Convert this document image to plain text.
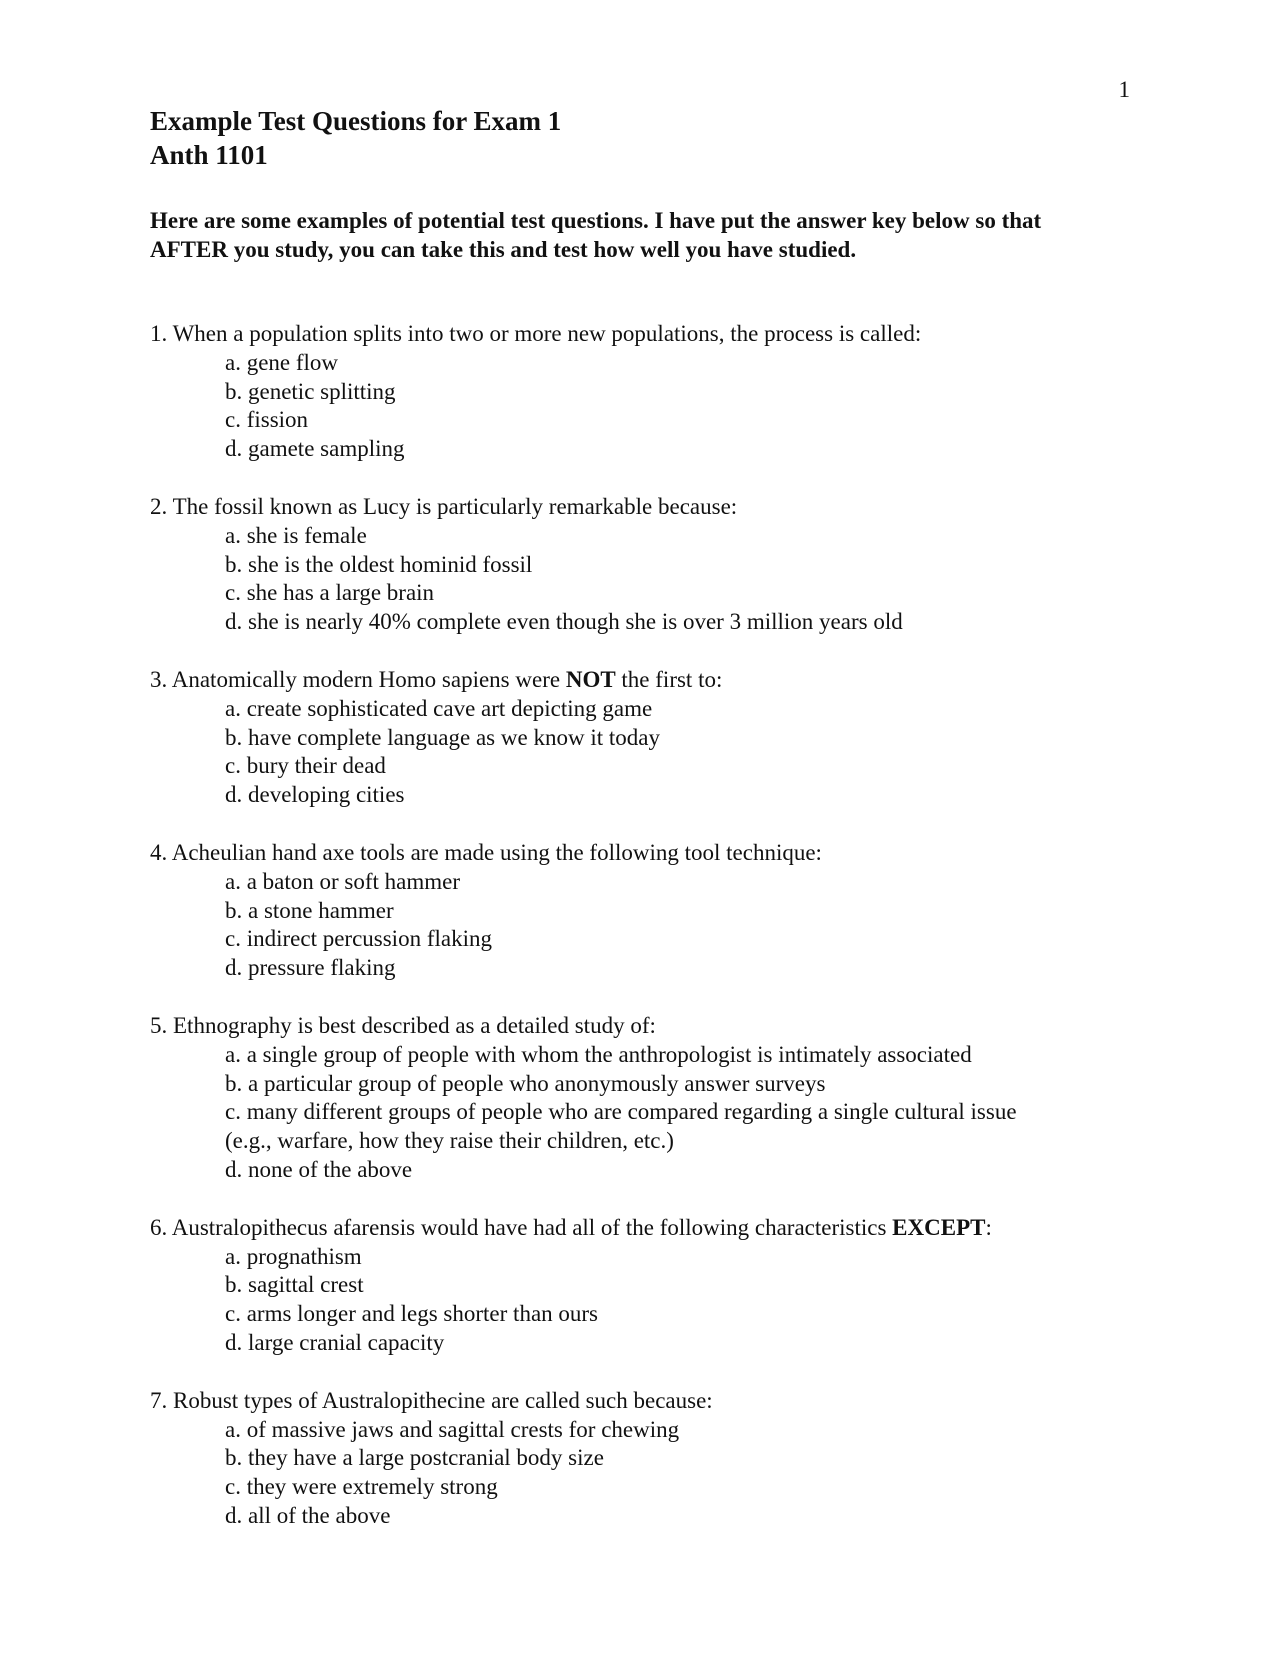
1
Example Test Questions for Exam 1
Anth 1101
Here are some examples of potential test questions. I have put the answer key below so that
AFTER you study, you can take this and test how well you have studied.

1. When a population splits into two or more new populations, the process is called:

a. gene flow
b. genetic splitting
c. fission
d. gamete sampling

2. The fossil known as Lucy is particularly remarkable because:

a. she is female
b. she is the oldest hominid fossil
c. she has a large brain
d. she is nearly 40% complete even though she is over 3 million years old

3. Anatomically modern Homo sapiens were NOT the first to:

a. create sophisticated cave art depicting game
b. have complete language as we know it today
c. bury their dead
d. developing cities

4. Acheulian hand axe tools are made using the following tool technique:

a. a baton or soft hammer
b. a stone hammer
c. indirect percussion flaking
d. pressure flaking

5. Ethnography is best described as a detailed study of:

a. a single group of people with whom the anthropologist is intimately associated
b. a particular group of people who anonymously answer surveys
c. many different groups of people who are compared regarding a single cultural issue
(e.g., warfare, how they raise their children, etc.)
d. none of the above

6. Australopithecus afarensis would have had all of the following characteristics EXCEPT:

a. prognathism
b. sagittal crest
c. arms longer and legs shorter than ours
d. large cranial capacity

7. Robust types of Australopithecine are called such because:

a. of massive jaws and sagittal crests for chewing
b. they have a large postcranial body size
c. they were extremely strong
d. all of the above
